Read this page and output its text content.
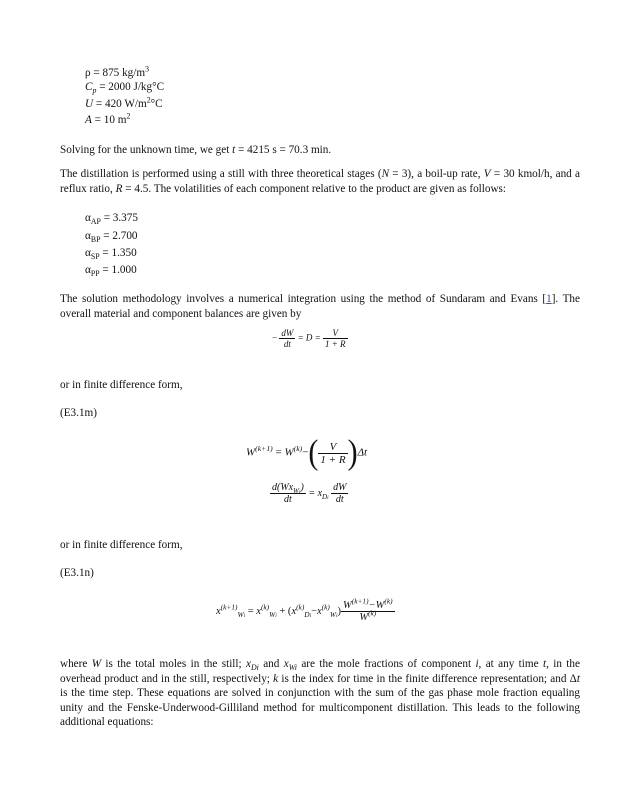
ρ = 875 $kg/m^3$
$C_p = 2000$ J/kg°C
U = 420 $W/m^2^\circ C$
A = 10 $m^2$
Solving for the unknown time, we get t = 4215 s = 70.3 min.
The distillation is performed using a still with three theoretical stages (N = 3), a boil-up rate, V = 30 kmol/h, and a reflux ratio, R = 4.5. The volatilities of each component relative to the product are given as follows:
$\alpha_{AP} = 3.375$
$\alpha_{BP} = 2.700$
$\alpha_{SP} = 1.350$
$\alpha_{PP} = 1.000$
The solution methodology involves a numerical integration using the method of Sundaram and Evans [1]. The overall material and component balances are given by
− $\frac{dW}{dt} = D = \frac{V}{1 + R}$
or in finite difference form,
(E3.1m)
$W^{(k+1)} = W^{(k)}-( \frac{V}{1 + R} )\Delta t$
$\frac{d(Wx_{Wi})}{dt} = x_{Di} \frac{dW}{dt}$
or in finite difference form,
(E3.1n)
$x^{(k+1)}_{Wi} = x^{(k)}_{Wi} + (x^{(k)}_{Di}-x^{(k)}_{Wi}) \frac{W^{(k+1)}-W^{(k)}}{W^{(k)}}$
where W is the total moles in the still; $x_{Di}$ and $x_{Wi}$ are the mole fractions of component i, at any time t, in the overhead product and in the still, respectively; k is the index for time in the finite difference representation; and Δt is the time step. These equations are solved in conjunction with the sum of the gas phase mole fraction equaling unity and the Fenske-Underwood-Gilliland method for multicomponent distillation. This leads to the following additional equations:
